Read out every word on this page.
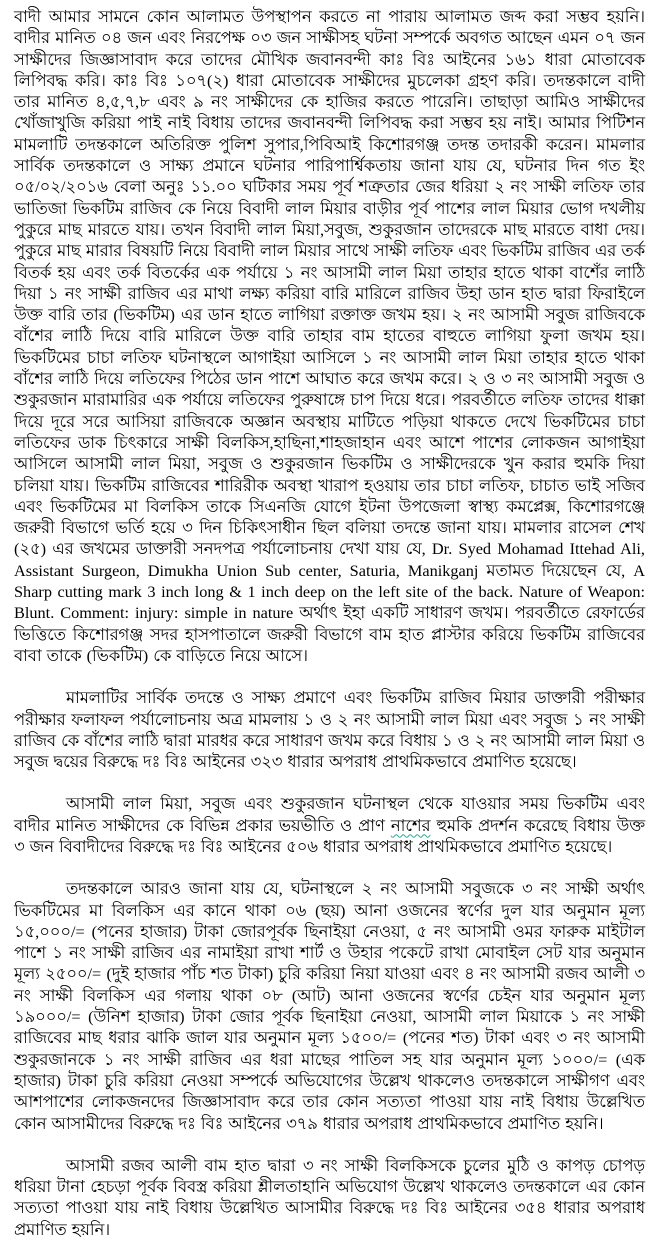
বাদী আমার সামনে কোন আলামত উপস্থাপন করতে না পারায় আলামত জব্দ করা সম্ভব হয়নি। বাদীর মানিত ০৪ জন এবং নিরপেক্ষ ০৩ জন সাক্ষীসহ ঘটনা সম্পর্কে অবগত আছেন এমন ০৭ জন সাক্ষীদের জিজ্ঞাসাবাদ করে তাদের মৌখিক জবানবন্দী কাঃ বিঃ আইনের ১৬১ ধারা মোতাবেক লিপিবদ্ধ করি। কাঃ বিঃ ১০৭(২) ধারা মোতাবেক সাক্ষীদের মুচলেকা গ্রহণ করি। তদন্তকালে বাদী তার মানিত ৪,৫,৭,৮ এবং ৯ নং সাক্ষীদের কে হাজির করতে পারেনি। তাছাড়া আমিও সাক্ষীদের খোঁজাখুজি করিয়া পাই নাই বিধায় তাদের জবানবন্দী লিপিবদ্ধ করা সম্ভব হয় নাই। আমার পিটিশন মামলাটি তদন্তকালে অতিরিক্ত পুলিশ সুপার,পিবিআই কিশোরগঞ্জ তদন্ত তদারকী করেন। মামলার সার্বিক তদন্তকালে ও সাক্ষ্য প্রমানে ঘটনার পারিপার্শ্বিকতায় জানা যায় যে, ঘটনার দিন গত ইং ০৫/০২/২০১৬ বেলা অনুঃ ১১.০০ ঘটিকার সময় পূর্ব শত্রুতার জের ধরিয়া ২ নং সাক্ষী লতিফ তার ভাতিজা ভিকটিম রাজিব কে নিয়ে বিবাদী লাল মিয়ার বাড়ীর পূর্ব পাশের লাল মিয়ার ভোগ দখলীয় পুকুরে মাছ মারতে যায়। তখন বিবাদী লাল মিয়া,সবুজ, শুকুরজান তাদেরকে মাছ মারতে বাধা দেয়। পুকুরে মাছ মারার বিষয়টি নিয়ে বিবাদী লাল মিয়ার সাথে সাক্ষী লতিফ এবং ভিকটিম রাজিব এর তর্ক বিতর্ক হয় এবং তর্ক বিতর্কের এক পর্যায়ে ১ নং আসামী লাল মিয়া তাহার হাতে থাকা বাশেঁর লাঠি দিয়া ১ নং সাক্ষী রাজিব এর মাথা লক্ষ্য করিয়া বারি মারিলে রাজিব উহা ডান হাত দ্বারা ফিরাইলে উক্ত বারি তার (ভিকটিম) এর ডান হাতে লাগিয়া রক্তাক্ত জখম হয়। ২ নং আসামী সবুজ রাজিবকে বাঁশের লাঠি দিয়ে বারি মারিলে উক্ত বারি তাহার বাম হাতের বাহুতে লাগিয়া ফুলা জখম হয়। ভিকটিমের চাচা লতিফ ঘটনাস্থলে আগাইয়া আসিলে ১ নং আসামী লাল মিয়া তাহার হাতে থাকা বাঁশের লাঠি দিয়ে লতিফের পিঠের ডান পাশে আঘাত করে জখম করে। ২ ও ৩ নং আসামী সবুজ ও শুকুরজান মারামারির এক পর্যায়ে লতিফের পুরুষাঙ্গে চাপ দিয়ে ধরে। পরবর্তীতে লতিফ তাদের ধাক্কা দিয়ে দূরে সরে আসিয়া রাজিবকে অজ্ঞান অবস্থায় মাটিতে পড়িয়া থাকতে দেখে ভিকটিমের চাচা লতিফের ডাক চিৎকারে সাক্ষী বিলকিস,হাছিনা,শাহজাহান এবং আশে পাশের লোকজন আগাইয়া আসিলে আসামী লাল মিয়া, সবুজ ও শুকুরজান ভিকটিম ও সাক্ষীদেরকে খুন করার হুমকি দিয়া চলিয়া যায়। ভিকটিম রাজিবের শারিরীক অবস্থা খারাপ হওয়ায় তার চাচা লতিফ, চাচাত ভাই সজিব এবং ভিকটিমের মা বিলকিস তাকে সিএনজি যোগে ইটনা উপজেলা স্বাস্থ্য কমপ্লেক্স, কিশোরগঞ্জে জরুরী বিভাগে ভর্তি হয়ে ৩ দিন চিকিৎসাধীন ছিল বলিয়া তদন্তে জানা যায়। মামলার রাসেল শেখ (২৫) এর জখমের ডাক্তারী সনদপত্র পর্যালোচনায় দেখা যায় যে, Dr. Syed Mohamad Ittehad Ali, Assistant Surgeon, Dimukha Union Sub center, Saturia, Manikganj মতামত দিয়েছেন যে, A Sharp cutting mark 3 inch long & 1 inch deep on the left site of the back. Nature of Weapon: Blunt. Comment: injury: simple in nature অর্থাৎ ইহা একটি সাধারণ জখম। পরবর্তীতে রেফার্ডের ভিত্তিতে কিশোরগঞ্জ সদর হাসপাতালে জরুরী বিভাগে বাম হাত প্লাস্টার করিয়ে ভিকটিম রাজিবের বাবা তাকে (ভিকটিম) কে বাড়িতে নিয়ে আসে।

মামলাটির সার্বিক তদন্তে ও সাক্ষ্য প্রমাণে এবং ভিকটিম রাজিব মিয়ার ডাক্তারী পরীক্ষার পরীক্ষার ফলাফল পর্যালোচনায় অত্র মামলায় ১ ও ২ নং আসামী লাল মিয়া এবং সবুজ ১ নং সাক্ষী রাজিব কে বাঁশের লাঠি দ্বারা মারধর করে সাধারণ জখম করে বিধায় ১ ও ২ নং আসামী লাল মিয়া ও সবুজ দ্বয়ের বিরুদ্ধে দঃ বিঃ আইনের ৩২৩ ধারার অপরাধ প্রাথমিকভাবে প্রমাণিত হয়েছে।

আসামী লাল মিয়া, সবুজ এবং শুকুরজান ঘটনাস্থল থেকে যাওয়ার সময় ভিকটিম এবং বাদীর মানিত সাক্ষীদের কে বিভিন্ন প্রকার ভয়ভীতি ও প্রাণ নাশের হুমকি প্রদর্শন করেছে বিধায় উক্ত ৩ জন বিবাদীদের বিরুদ্ধে দঃ বিঃ আইনের ৫০৬ ধারার অপরাধ প্রাথমিকভাবে প্রমাণিত হয়েছে।

তদন্তকালে আরও জানা যায় যে, ঘটনাস্থলে ২ নং আসামী সবুজকে ৩ নং সাক্ষী অর্থাৎ ভিকটিমের মা বিলকিস এর কানে থাকা ০৬ (ছয়) আনা ওজনের স্বর্ণের দুল যার অনুমান মূল্য ১৫,০০০/= (পনের হাজার) টাকা জোরপূর্বক ছিনাইয়া নেওয়া, ৫ নং আসামী ওমর ফারুক মাইটাল পাশে ১ নং সাক্ষী রাজিব এর নামাইয়া রাখা শার্ট ও উহার পকেটে রাখা মোবাইল সেট যার অনুমান মূল্য ২৫০০/= (দুই হাজার পাঁচ শত টাকা) চুরি করিয়া নিয়া যাওয়া এবং ৪ নং আসামী রজব আলী ৩ নং সাক্ষী বিলকিস এর গলায় থাকা ০৮ (আট) আনা ওজনের স্বর্ণের চেইন যার অনুমান মূল্য ১৯০০০/= (উনিশ হাজার) টাকা জোর পূর্বক ছিনাইয়া নেওয়া, আসামী লাল মিয়াকে ১ নং সাক্ষী রাজিবের মাছ ধরার ঝাকি জাল যার অনুমান মূল্য ১৫০০/= (পনের শত) টাকা এবং ৩ নং আসামী শুকুরজানকে ১ নং সাক্ষী রাজিব এর ধরা মাছের পাতিল সহ যার অনুমান মূল্য ১০০০/= (এক হাজার) টাকা চুরি করিয়া নেওয়া সম্পর্কে অভিযোগের উল্লেখ থাকলেও তদন্তকালে সাক্ষীগণ এবং আশপাশের লোকজনদের জিজ্ঞাসাবাদ করে তার কোন সত্যতা পাওয়া যায় নাই বিধায় উল্লেখিত কোন আসামীদের বিরুদ্ধে দঃ বিঃ আইনের ৩৭৯ ধারার অপরাধ প্রাথমিকভাবে প্রমাণিত হয়নি।

আসামী রজব আলী বাম হাত দ্বারা ৩ নং সাক্ষী বিলকিসকে চুলের মুঠি ও কাপড় চোপড় ধরিয়া টানা হেচড়া পূর্বক বিবস্ত্র করিয়া শ্লীলতাহানি অভিযোগ উল্লেখ থাকলেও তদন্তকালে এর কোন সত্যতা পাওয়া যায় নাই বিধায় উল্লেখিত আসামীর বিরুদ্ধে দঃ বিঃ আইনের ৩৫৪ ধারার অপরাধ প্রমাণিত হয়নি।
